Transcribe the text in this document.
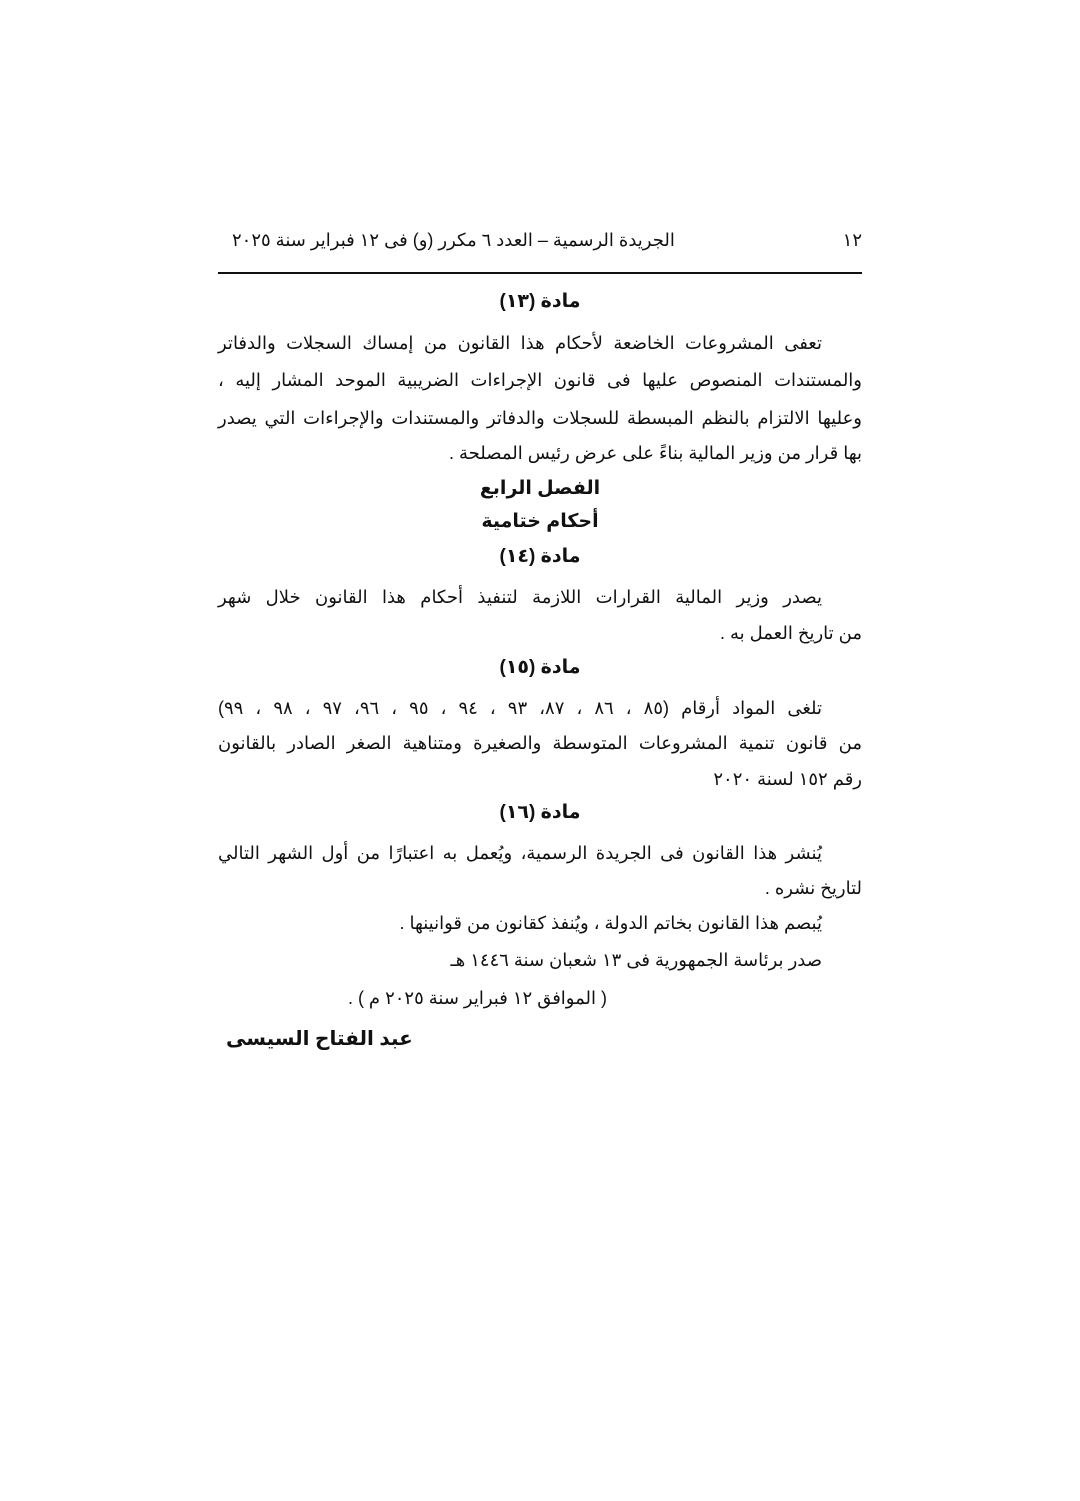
١٢
الجريدة الرسمية – العدد ٦ مكرر (و) فى ١٢ فبراير سنة ٢٠٢٥
مادة (١٣)
تعفى المشروعات الخاضعة لأحكام هذا القانون من إمساك السجلات والدفاتر
والمستندات المنصوص عليها فى قانون الإجراءات الضريبية الموحد المشار إليه ،
وعليها الالتزام بالنظم المبسطة للسجلات والدفاتر والمستندات والإجراءات التي يصدر
بها قرار من وزير المالية بناءً على عرض رئيس المصلحة .
الفصل الرابع
أحكام ختامية
مادة (١٤)
يصدر وزير المالية القرارات اللازمة لتنفيذ أحكام هذا القانون خلال شهر
من تاريخ العمل به .
مادة (١٥)
تلغى المواد أرقام (٨٥ ، ٨٦ ، ٨٧، ٩٣ ، ٩٤ ، ٩٥ ، ٩٦، ٩٧ ، ٩٨ ، ٩٩)
من قانون تنمية المشروعات المتوسطة والصغيرة ومتناهية الصغر الصادر بالقانون
رقم ١٥٢ لسنة ٢٠٢٠
مادة (١٦)
يُنشر هذا القانون فى الجريدة الرسمية، ويُعمل به اعتبارًا من أول الشهر التالي
لتاريخ نشره .
يُبصم هذا القانون بخاتم الدولة ، ويُنفذ كقانون من قوانينها .
صدر برئاسة الجمهورية فى ١٣ شعبان سنة ١٤٤٦ هـ
( الموافق ١٢ فبراير سنة ٢٠٢٥ م ) .
عبد الفتاح السيسى
